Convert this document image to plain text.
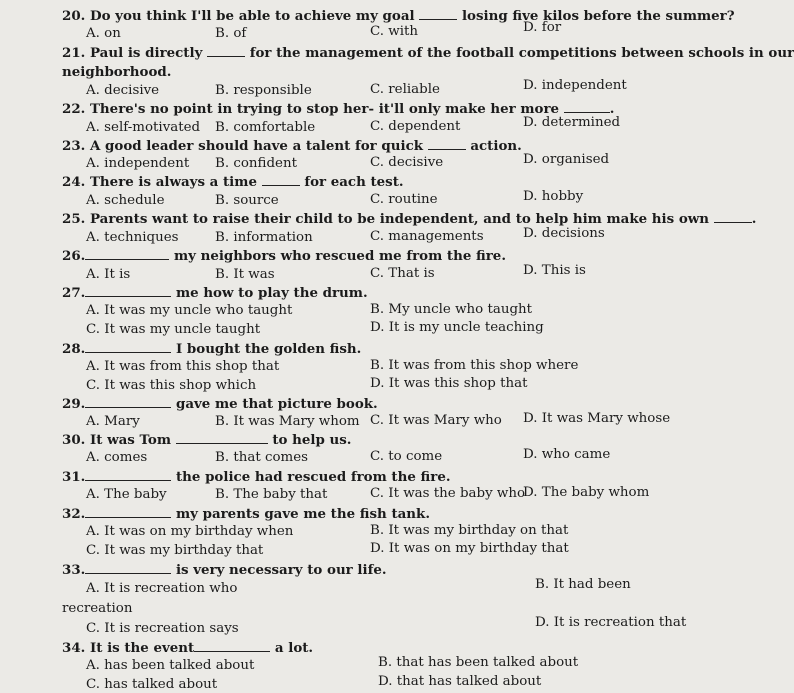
20. Do you think I'll be able to achieve my goal	losing five kilos before the summer?
A. on	B. of	C. with	D. for
21. Paul is directly	for the management of the football competitions between schools in our
neighborhood.
A. decisive	B. responsible	C. reliable	D. independent
22. There's no point in trying to stop her- it'll only make her more	.
A. self-motivated B. comfortable	C. dependent	D. determined
23. A good leader should have a talent for quick	action.
A. independent B. confident	C. decisive	D. organised
24. There is always a time	for each test.
A. schedule	B. source	C. routine	D. hobby
25. Parents want to raise their child to be independent, and to help him make his own	.
A. techniques	B. information	C. managements	D. decisions
26.	my neighbors who rescued me from the fire.
A. It is	B. It was	C. That is	D. This is
27.	me how to play the drum.
A. It was my uncle who taught	B. My uncle who taught
C. It was my uncle taught	D. It is my uncle teaching
28.	I bought the golden fish.
A. It was from this shop that	B. It was from this shop where
C. It was this shop which	D. It was this shop that
29.	gave me that picture book.
A. Mary	B. It was Mary whom C. It was Mary who D. It was Mary whose
30. It was Tom	to help us.
A. comes	B. that comes	C. to come	D. who came
31.	the police had rescued from the fire.
A. The baby	B. The baby that	C. It was the baby who
D. The baby whom
32.	my parents gave me the fish tank.
A. It was on my birthday when	B. It was my birthday on that
C. It was my birthday that	D. It was on my birthday that
33.	is very necessary to our life.
A. It is recreation who	B. It had been
recreation
C. It is recreation says	D. It is recreation that
34. It is the event	a lot.
A. has been talked about	B. that has been talked about
C. has talked about	D. that has talked about
